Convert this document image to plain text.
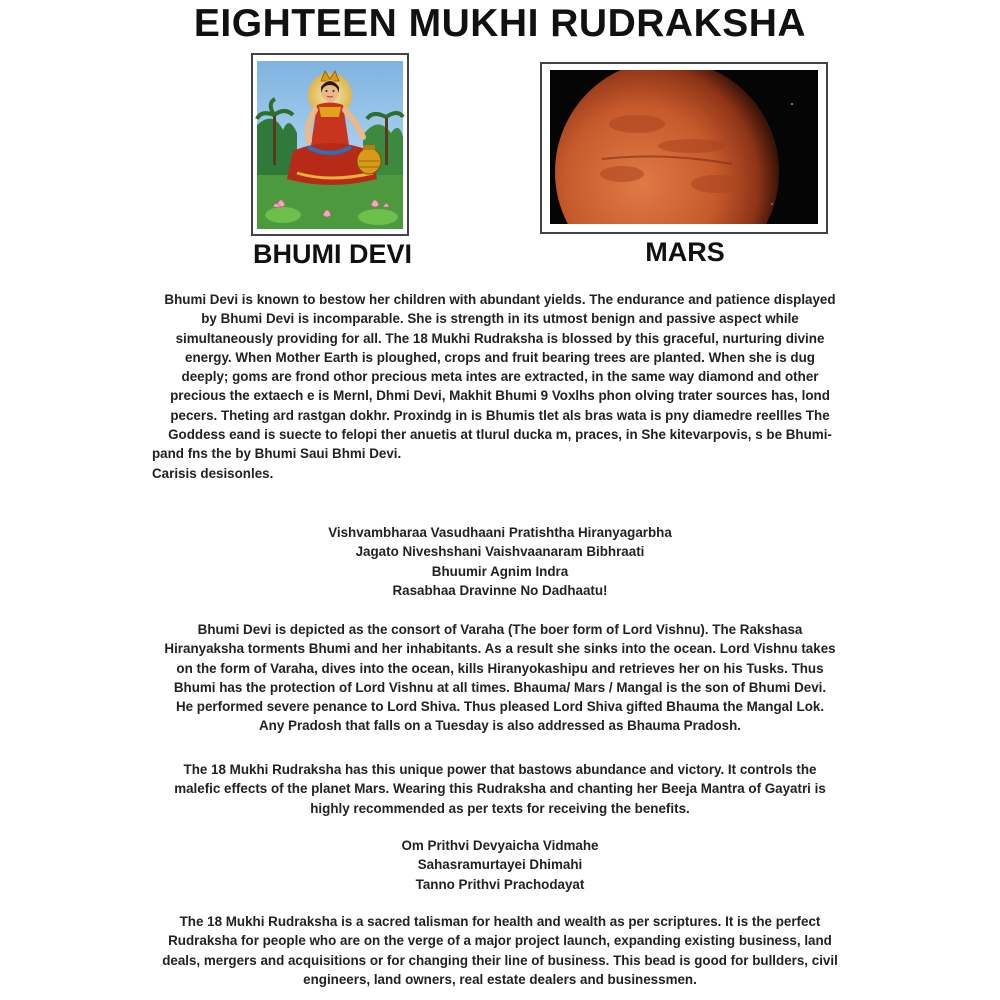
EIGHTEEN MUKHI RUDRAKSHA
BHUMI DEVI	MARS
Bhumi Devi is known to bestow her children with abundant yields. The endurance and patience displayed
by Bhumi Devi is incomparable. She is strength in its utmost benign and passive aspect while
simultaneously providing for all. The 18 Mukhi Rudraksha is blossed by this graceful, nurturing divine
energy. When Mother Earth is ploughed, crops and fruit bearing trees are planted. When she is dug
deeply; goms are frond othor precious meta intes are extracted, in the same way diamond and other
precious the extaech e is Mernl, Dhmi Devi, Makhit Bhumi 9 Voxlhs phon olving trater sources has, lond
pecers. Theting ard rastgan dokhr. Proxindg in is Bhumis tlet als bras wata is pny diamedre reellles The
Goddess eand is suecte to felopi ther anuetis at tlurul ducka m, praces, in She kitevarpovis, s be Bhumi-
pand fns the by Bhumi Saui Bhmi Devi.
Carisis desisonles.
Vishvambharaa Vasudhaani Pratishtha Hiranyagarbha
Jagato Niveshshani Vaishvaanaram Bibhraati
Bhuumir Agnim Indra
Rasabhaa Dravinne No Dadhaatu!
Bhumi Devi is depicted as the consort of Varaha (The boer form of Lord Vishnu). The Rakshasa
Hiranyaksha torments Bhumi and her inhabitants. As a result she sinks into the ocean. Lord Vishnu takes
on the form of Varaha, dives into the ocean, kills Hiranyokashipu and retrieves her on his Tusks. Thus
Bhumi has the protection of Lord Vishnu at all times. Bhauma/ Mars / Mangal is the son of Bhumi Devi.
He performed severe penance to Lord Shiva. Thus pleased Lord Shiva gifted Bhauma the Mangal Lok.
Any Pradosh that falls on a Tuesday is also addressed as Bhauma Pradosh.
The 18 Mukhi Rudraksha has this unique power that bastows abundance and victory. It controls the
malefic effects of the planet Mars. Wearing this Rudraksha and chanting her Beeja Mantra of Gayatri is
highly recommended as per texts for receiving the benefits.
Om Prithvi Devyaicha Vidmahe
Sahasramurtayei Dhimahi
Tanno Prithvi Prachodayat
The 18 Mukhi Rudraksha is a sacred talisman for health and wealth as per scriptures. It is the perfect
Rudraksha for people who are on the verge of a major project launch, expanding existing business, land
deals, mergers and acquisitions or for changing their line of business. This bead is good for bullders, civil
engineers, land owners, real estate dealers and businessmen.
